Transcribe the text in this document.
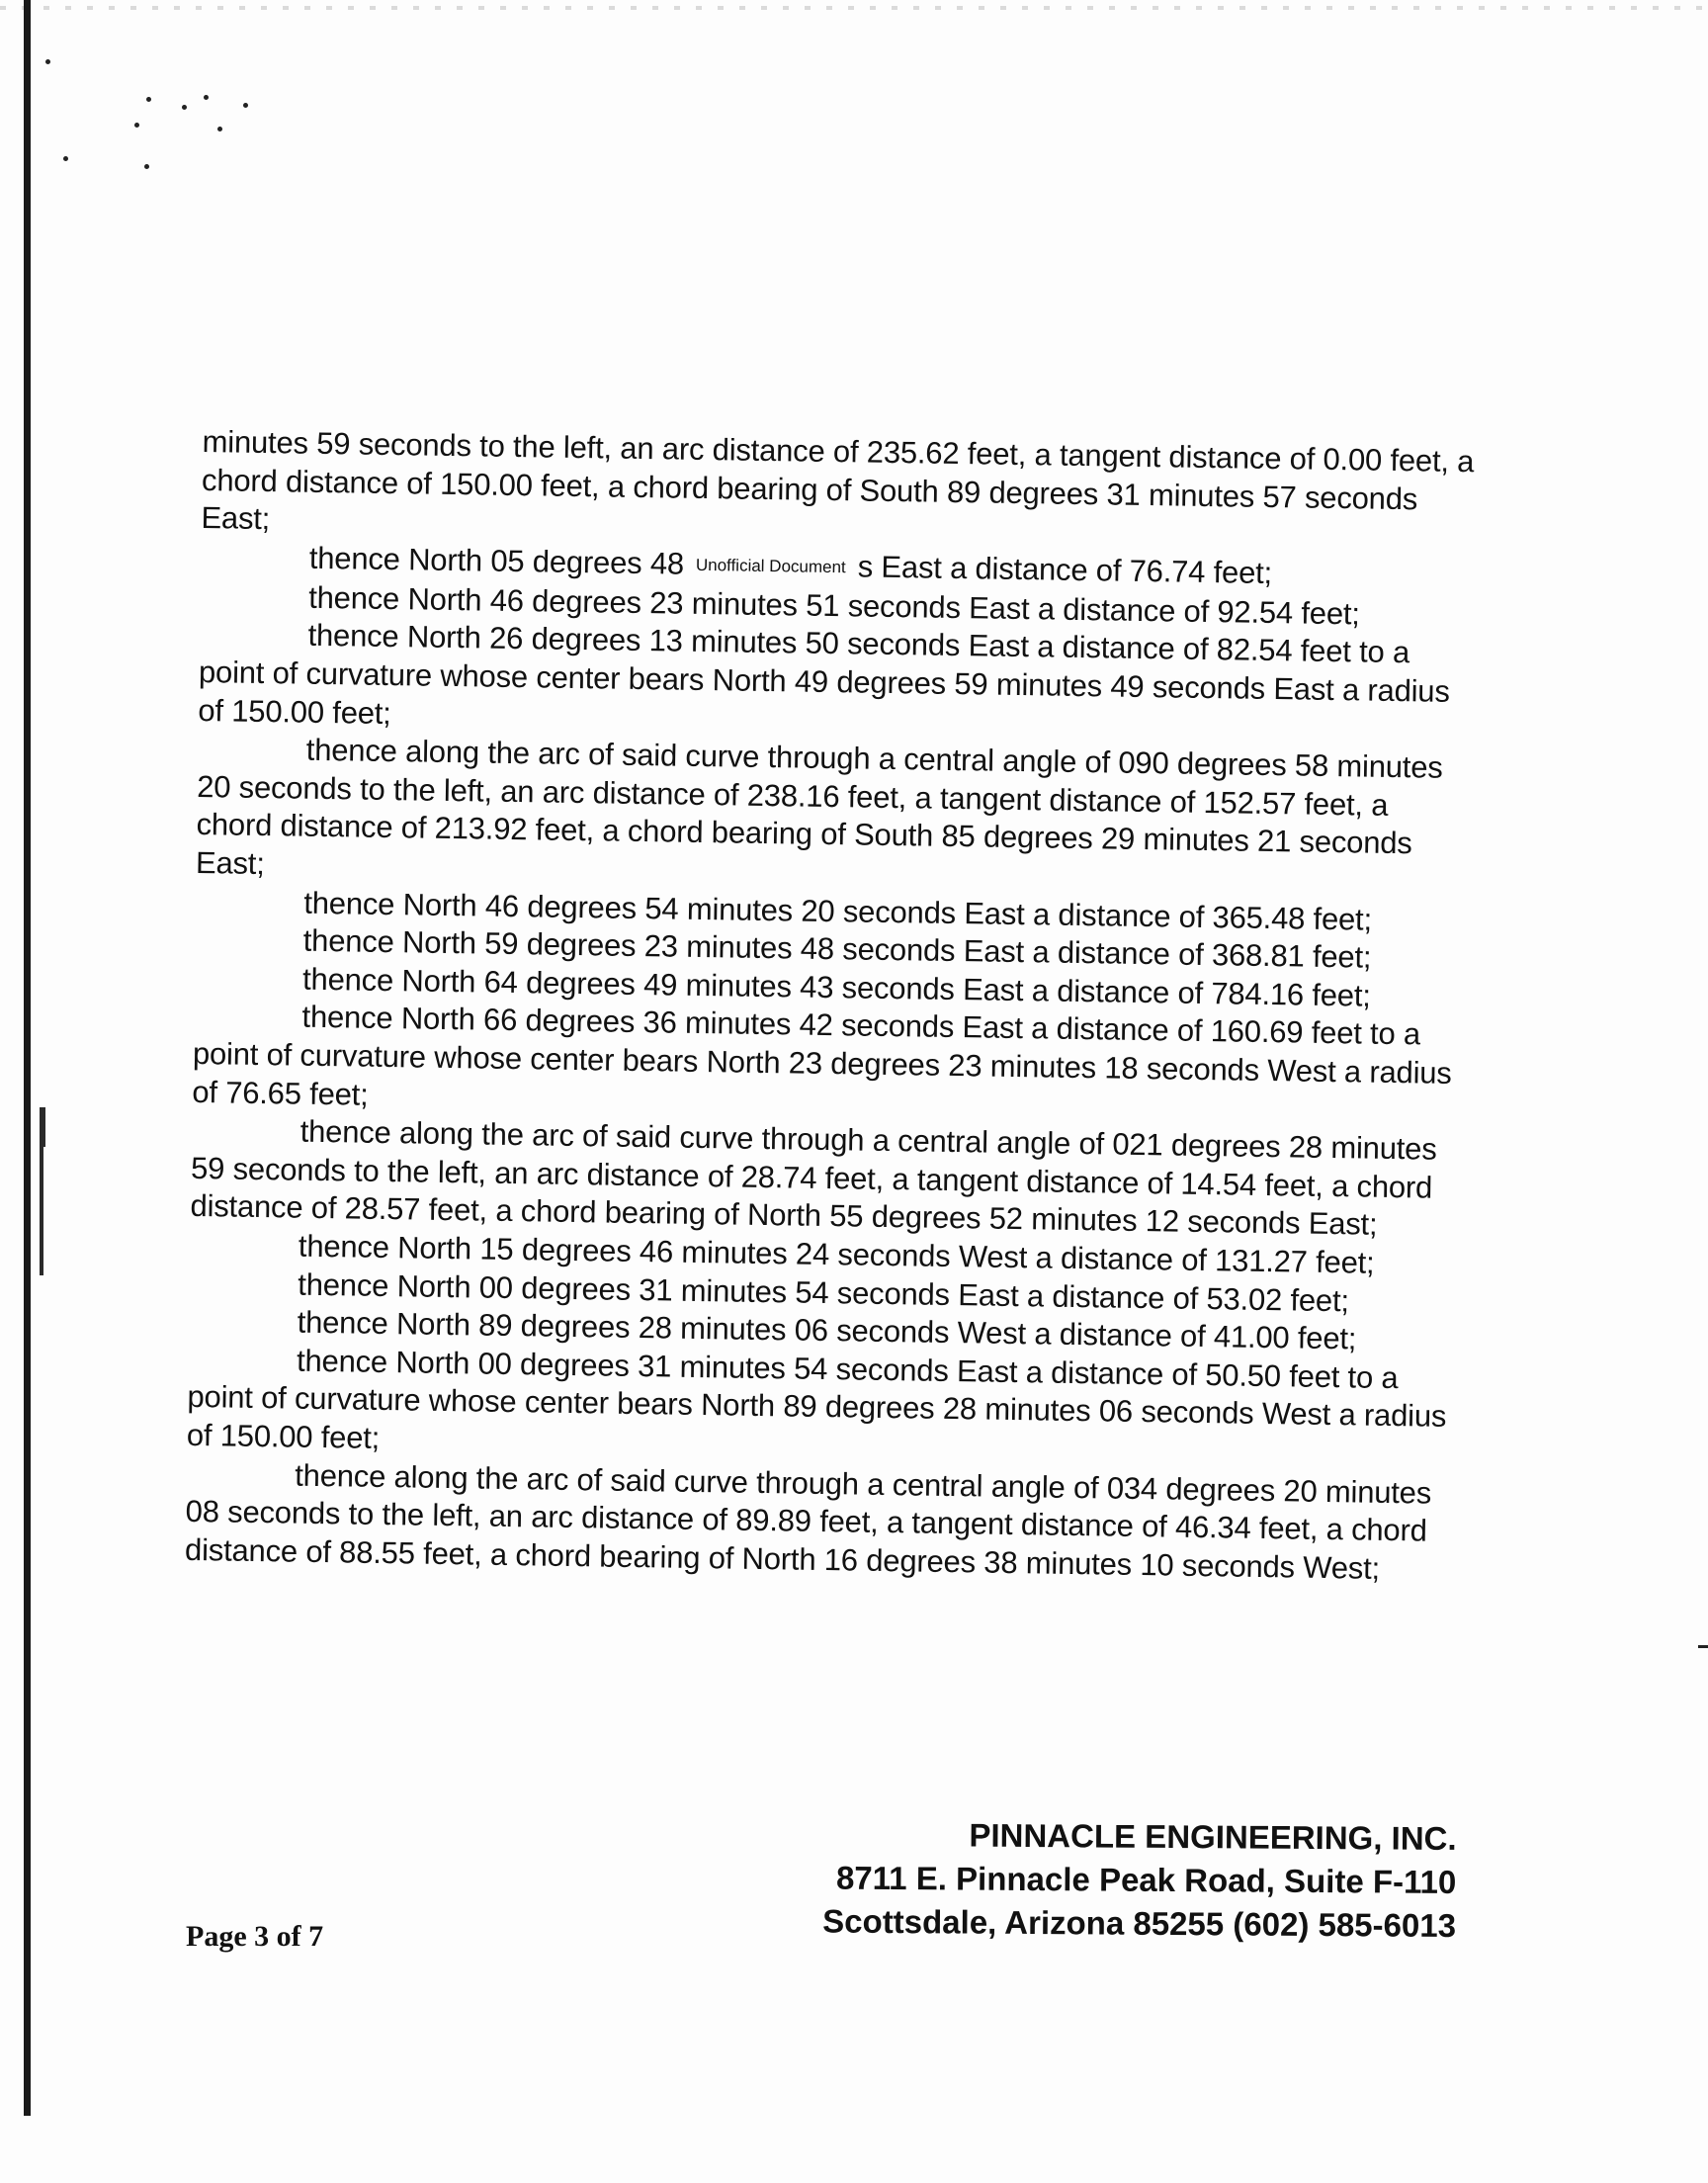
minutes 59 seconds to the left, an arc distance of 235.62 feet, a tangent distance of 0.00 feet, a chord distance of 150.00 feet, a chord bearing of South 89 degrees 31 minutes 57 seconds East;

thence North 05 degrees 48 Unofficial Document s East a distance of 76.74 feet;

thence North 46 degrees 23 minutes 51 seconds East a distance of 92.54 feet;

thence North 26 degrees 13 minutes 50 seconds East a distance of 82.54 feet to a point of curvature whose center bears North 49 degrees 59 minutes 49 seconds East a radius of 150.00 feet;

thence along the arc of said curve through a central angle of 090 degrees 58 minutes 20 seconds to the left, an arc distance of 238.16 feet, a tangent distance of 152.57 feet, a chord distance of 213.92 feet, a chord bearing of South 85 degrees 29 minutes 21 seconds East;

thence North 46 degrees 54 minutes 20 seconds East a distance of 365.48 feet;

thence North 59 degrees 23 minutes 48 seconds East a distance of 368.81 feet;

thence North 64 degrees 49 minutes 43 seconds East a distance of 784.16 feet;

thence North 66 degrees 36 minutes 42 seconds East a distance of 160.69 feet to a point of curvature whose center bears North 23 degrees 23 minutes 18 seconds West a radius of 76.65 feet;

thence along the arc of said curve through a central angle of 021 degrees 28 minutes 59 seconds to the left, an arc distance of 28.74 feet, a tangent distance of 14.54 feet, a chord distance of 28.57 feet, a chord bearing of North 55 degrees 52 minutes 12 seconds East;

thence North 15 degrees 46 minutes 24 seconds West a distance of 131.27 feet;

thence North 00 degrees 31 minutes 54 seconds East a distance of 53.02 feet;

thence North 89 degrees 28 minutes 06 seconds West a distance of 41.00 feet;

thence North 00 degrees 31 minutes 54 seconds East a distance of 50.50 feet to a point of curvature whose center bears North 89 degrees 28 minutes 06 seconds West a radius of 150.00 feet;

thence along the arc of said curve through a central angle of 034 degrees 20 minutes 08 seconds to the left, an arc distance of 89.89 feet, a tangent distance of 46.34 feet, a chord distance of 88.55 feet, a chord bearing of North 16 degrees 38 minutes 10 seconds West;

PINNACLE ENGINEERING, INC.
8711 E. Pinnacle Peak Road, Suite F-110
Scottsdale, Arizona 85255 (602) 585-6013
Page 3 of 7
